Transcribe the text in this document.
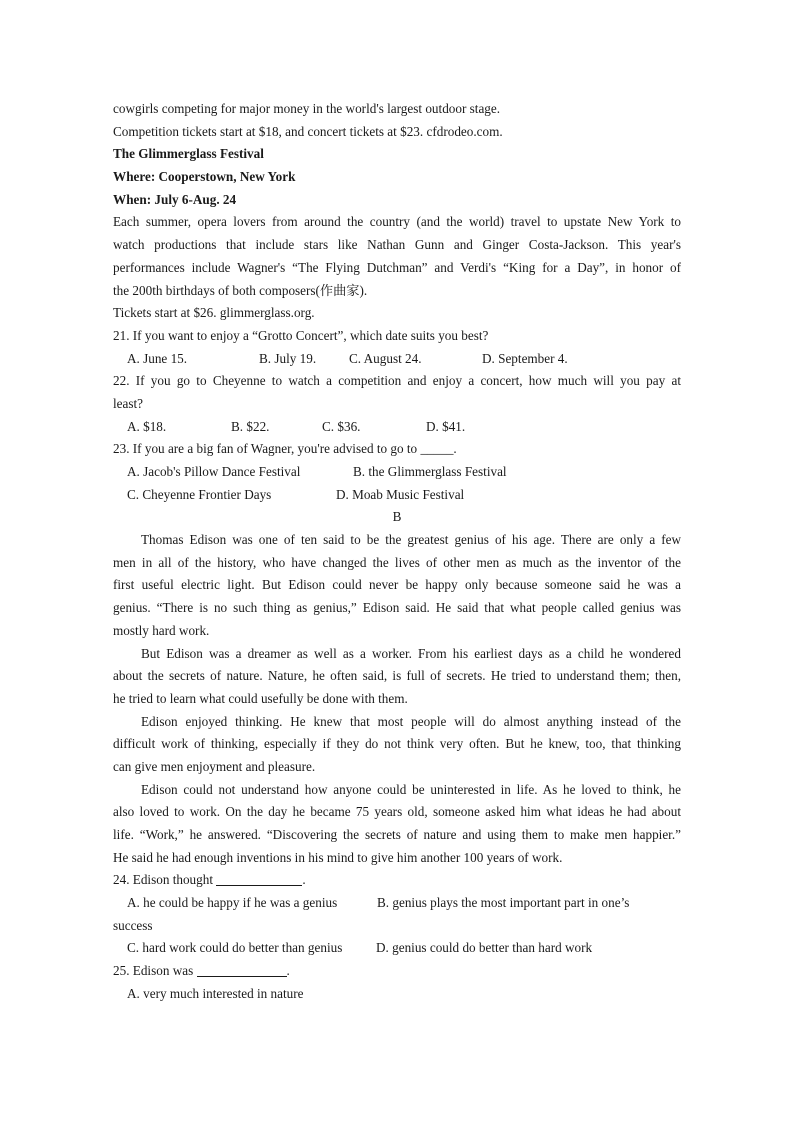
cowgirls competing for major money in the world's largest outdoor stage.
Competition tickets start at $18, and concert tickets at $23. cfdrodeo.com.
The Glimmerglass Festival
Where: Cooperstown, New York
When: July 6-Aug. 24
Each summer, opera lovers from around the country (and the world) travel to upstate New York to
watch productions that include stars like Nathan Gunn and Ginger Costa-Jackson. This year's
performances include Wagner's “The Flying Dutchman” and Verdi's “King for a Day”, in honor of
the 200th birthdays of both composers(作曲家).
Tickets start at $26. glimmerglass.org.
21. If you want to enjoy a “Grotto Concert”, which date suits you best?
A. June 15.	B. July 19. C. August 24.	D. September 4.
22. If you go to Cheyenne to watch a competition and enjoy a concert, how much will you pay at
least?
A. $18.	B. $22.	C. $36.	D. $41.
23. If you are a big fan of Wagner, you're advised to go to _____.
A. Jacob's Pillow Dance Festival	B. the Glimmerglass Festival
C. Cheyenne Frontier Days	D. Moab Music Festival
B
Thomas Edison was one of ten said to be the greatest genius of his age. There are only a few
men in all of the history, who have changed the lives of other men as much as the inventor of the
first useful electric light. But Edison could never be happy only because someone said he was a
genius. “There is no such thing as genius,” Edison said. He said that what people called genius was
mostly hard work.
But Edison was a dreamer as well as a worker. From his earliest days as a child he wondered
about the secrets of nature. Nature, he often said, is full of secrets. He tried to understand them; then,
he tried to learn what could usefully be done with them.
Edison enjoyed thinking. He knew that most people will do almost anything instead of the
difficult work of thinking, especially if they do not think very often. But he knew, too, that thinking
can give men enjoyment and pleasure.
Edison could not understand how anyone could be uninterested in life. As he loved to think, he
also loved to work. On the day he became 75 years old, someone asked him what ideas he had about
life. “Work,” he answered. “Discovering the secrets of nature and using them to make men happier.”
He said he had enough inventions in his mind to give him another 100 years of work.
24. Edison thought	.
A. he could be happy if he was a genius	B. genius plays the most important part in one’s
success
C. hard work could do better than genius	D. genius could do better than hard work
25. Edison was	.
A. very much interested in nature
